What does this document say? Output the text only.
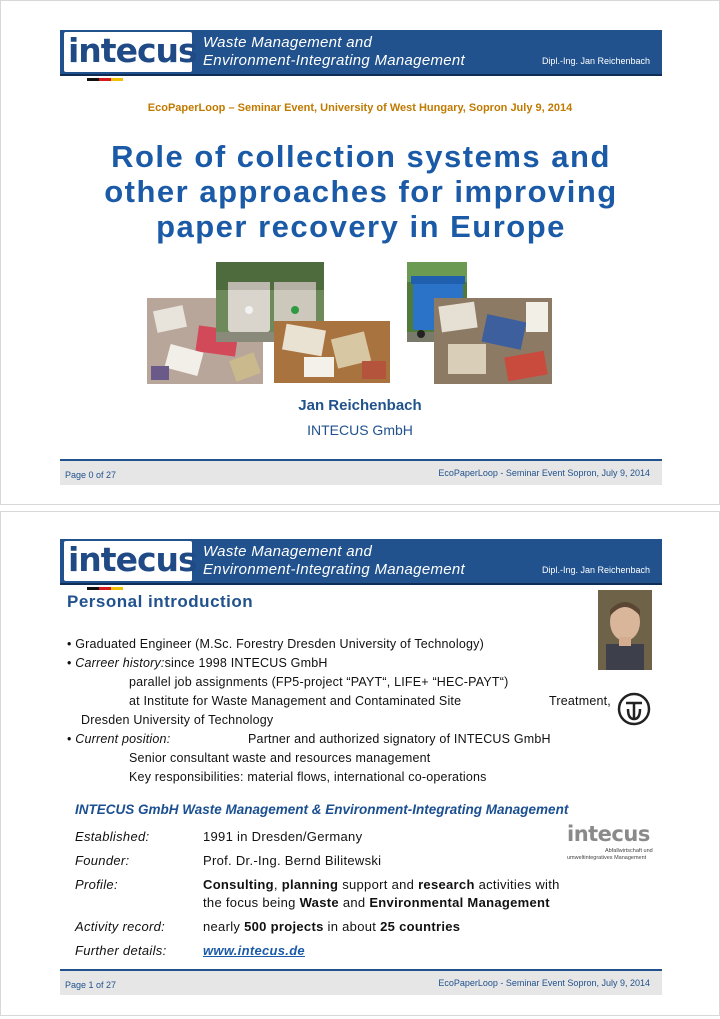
intecus Waste Management and
Environment-Integrating Management	Dipl.-Ing. Jan Reichenbach
EcoPaperLoop – Seminar Event, University of West Hungary, Sopron July 9, 2014
Role of collection systems and
other approaches for improving
paper recovery in Europe
Jan Reichenbach
INTECUS GmbH
Page 0 of 27	EcoPaperLoop - Seminar Event Sopron, July 9, 2014
intecus Waste Management and
Environment-Integrating Management	Dipl.-Ing. Jan Reichenbach
Personal introduction
• Graduated Engineer (M.Sc. Forestry Dresden University of Technology)
• Carreer history:since 1998 INTECUS GmbH
parallel job assignments (FP5-project “PAYT“, LIFE+ “HEC-PAYT“)
at Institute for Waste Management and Contaminated Site	Treatment,
Dresden University of Technology
• Current position:	Partner and authorized signatory of INTECUS GmbH
Senior consultant waste and resources management
Key responsibilities: material flows, international co-operations
INTECUS GmbH Waste Management & Environment-Integrating Management
intecus
Abfallwirtschaft und
umweltintegratives Management
Established:	1991 in Dresden/Germany
Founder:	Prof. Dr.-Ing. Bernd Bilitewski
Profile:	Consulting, planning support and research activities with
the focus being Waste and Environmental Management
Activity record:	nearly 500 projects in about 25 countries
Further details:	www.intecus.de
Page 1 of 27	EcoPaperLoop - Seminar Event Sopron, July 9, 2014
